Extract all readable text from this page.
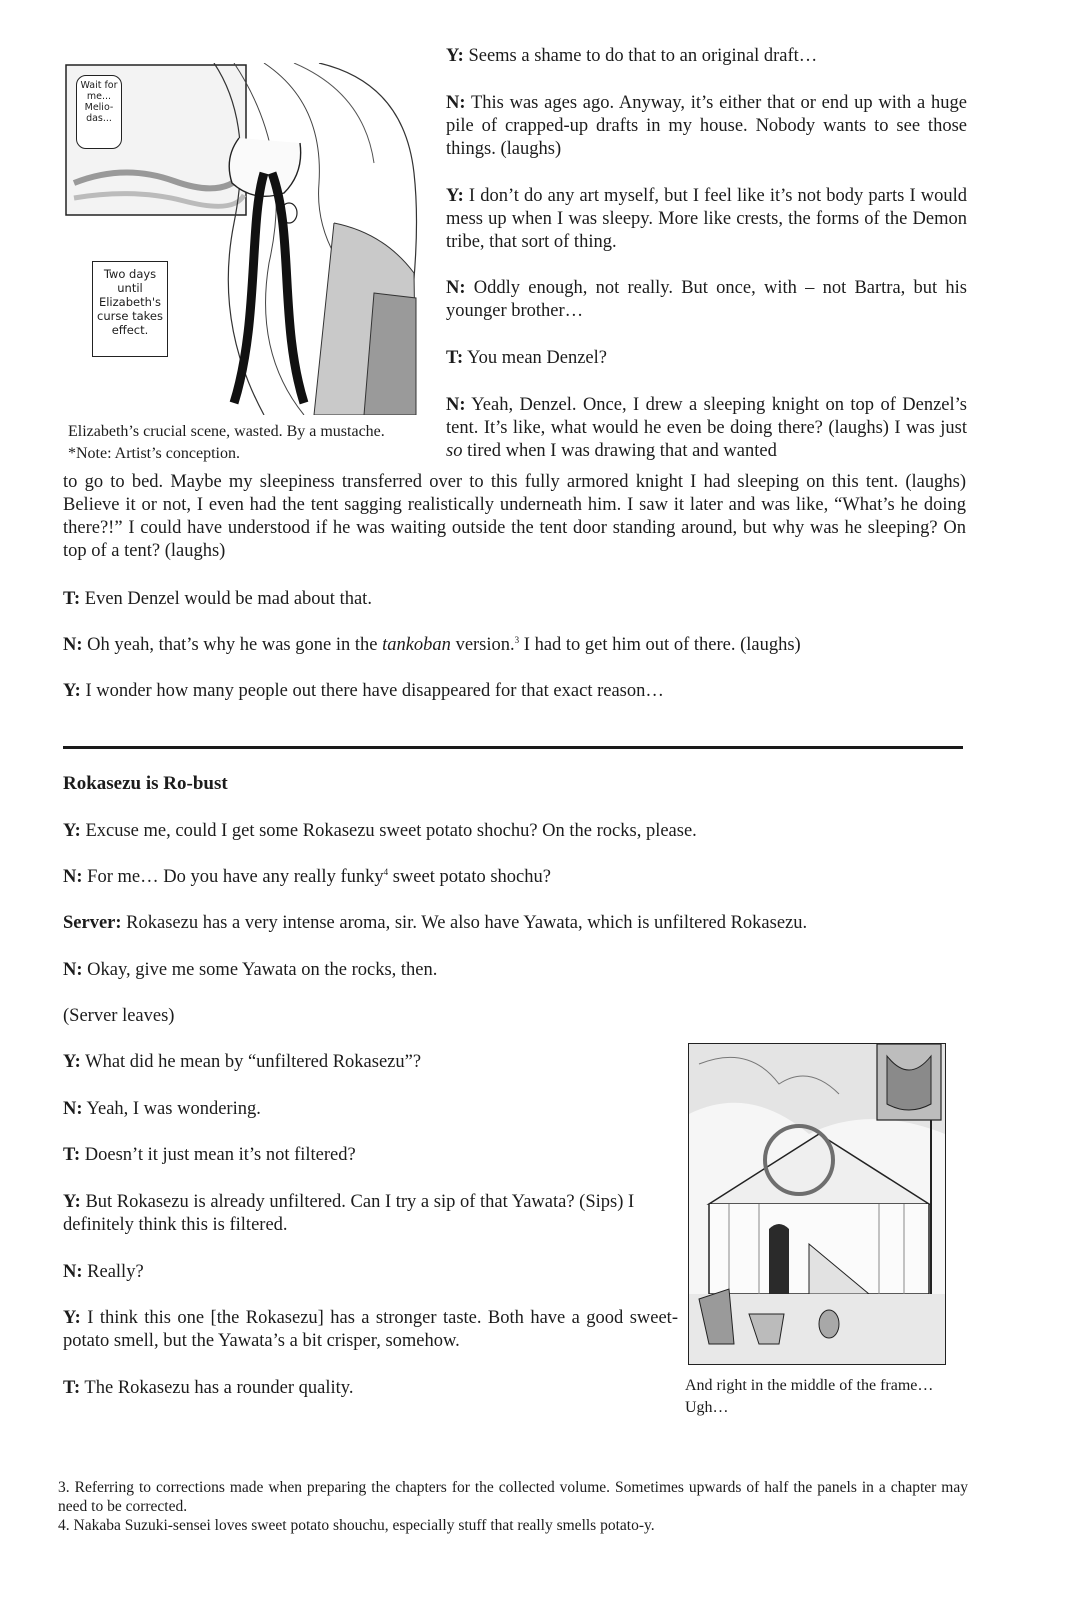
Wait for me... Melio-das...
Two days until Elizabeth's curse takes effect.
Elizabeth’s crucial scene, wasted. By a mustache.
*Note: Artist’s conception.

Y: Seems a shame to do that to an original draft…

N: This was ages ago. Anyway, it’s either that or end up with a huge pile of crapped-up drafts in my house. Nobody wants to see those things. (laughs)

Y: I don’t do any art myself, but I feel like it’s not body parts I would mess up when I was sleepy. More like crests, the forms of the Demon tribe, that sort of thing.

N: Oddly enough, not really. But once, with – not Bartra, but his younger brother…

T: You mean Denzel?

N: Yeah, Denzel. Once, I drew a sleeping knight on top of Denzel’s tent. It’s like, what would he even be doing there? (laughs) I was just so tired when I was drawing that and wanted

to go to bed. Maybe my sleepiness transferred over to this fully armored knight I had sleeping on this tent. (laughs) Believe it or not, I even had the tent sagging realistically underneath him. I saw it later and was like, “What’s he doing there?!” I could have understood if he was waiting outside the tent door standing around, but why was he sleeping? On top of a tent? (laughs)

T: Even Denzel would be mad about that.

N: Oh yeah, that’s why he was gone in the tankoban version.$^3$ I had to get him out of there. (laughs)

Y: I wonder how many people out there have disappeared for that exact reason…

Rokasezu is Ro-bust

Y: Excuse me, could I get some Rokasezu sweet potato shochu? On the rocks, please.

N: For me… Do you have any really funky$^4$ sweet potato shochu?

Server: Rokasezu has a very intense aroma, sir. We also have Yawata, which is unfiltered Rokasezu.

N: Okay, give me some Yawata on the rocks, then.

(Server leaves)

Y: What did he mean by “unfiltered Rokasezu”?

N: Yeah, I was wondering.

T: Doesn’t it just mean it’s not filtered?

Y: But Rokasezu is already unfiltered. Can I try a sip of that Yawata? (Sips) I definitely think this is filtered.

N: Really?

Y: I think this one [the Rokasezu] has a stronger taste. Both have a good sweet-potato smell, but the Yawata’s a bit crisper, somehow.

T: The Rokasezu has a rounder quality.	And right in the middle of the frame…
Ugh…

3. Referring to corrections made when preparing the chapters for the collected volume. Sometimes upwards of half the panels in a chapter may need to be corrected.

4. Nakaba Suzuki-sensei loves sweet potato shouchu, especially stuff that really smells potato-y.
